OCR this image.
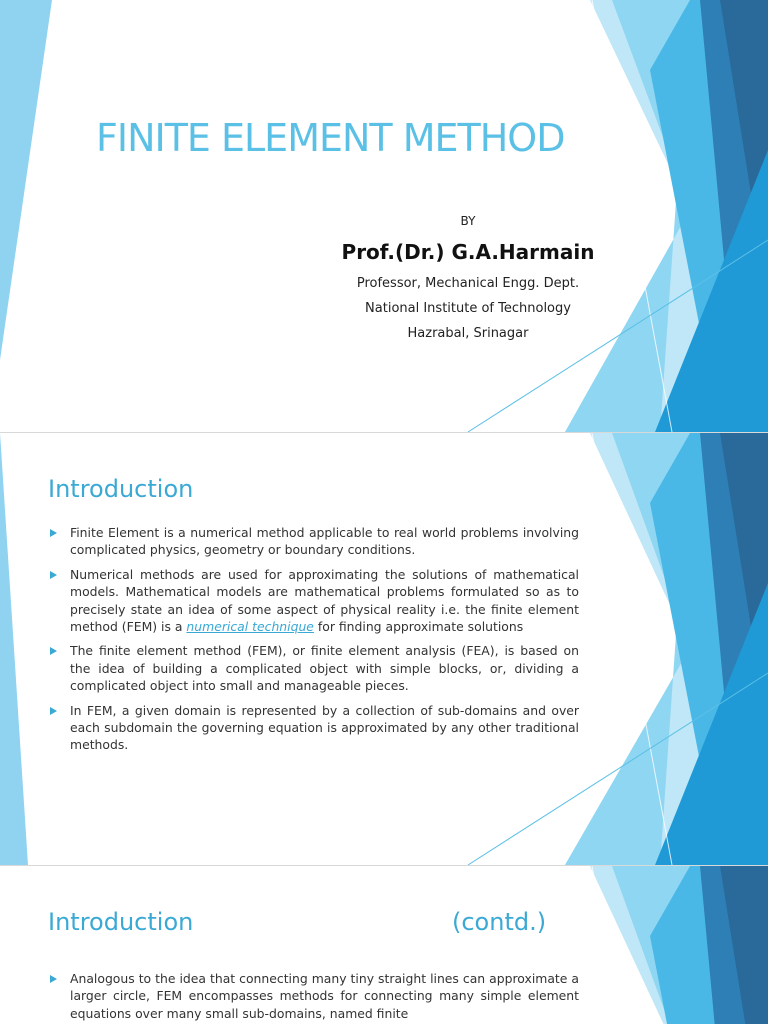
FINITE ELEMENT METHOD
BY
Prof.(Dr.) G.A.Harmain
Professor, Mechanical Engg. Dept.
National Institute of Technology
Hazrabal, Srinagar
Introduction
Finite Element is a numerical method applicable to real world problems involving complicated physics, geometry or boundary conditions.
Numerical methods are used for approximating the solutions of mathematical models. Mathematical models are mathematical problems formulated so as to precisely state an idea of some aspect of physical reality i.e. the finite element method (FEM) is a numerical technique for finding approximate solutions
The finite element method (FEM), or finite element analysis (FEA), is based on the idea of building a complicated object with simple blocks, or, dividing a complicated object into small and manageable pieces.
In FEM, a given domain is represented by a collection of sub-domains and over each subdomain the governing equation is approximated by any other traditional methods.
Introduction	(contd.)
Analogous to the idea that connecting many tiny straight lines can approximate a larger circle, FEM encompasses methods for connecting many simple element equations over many small sub-domains, named finite
